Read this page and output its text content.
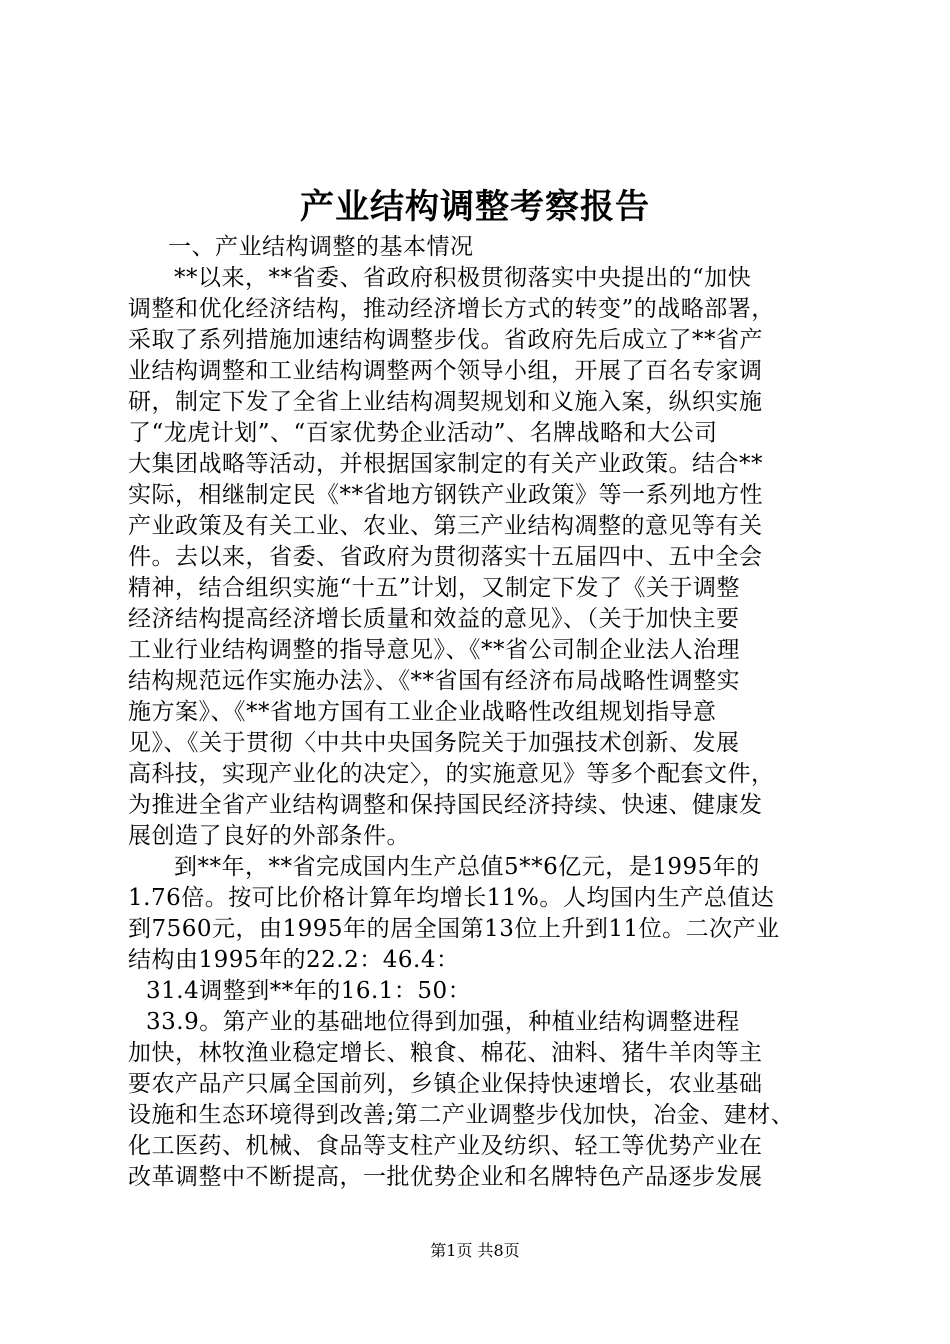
产业结构调整考察报告
一、产业结构调整的基本情况
**以来，**省委、省政府积极贯彻落实中央提出的“加快
调整和优化经济结构，推动经济增长方式的转变”的战略部署，
采取了系列措施加速结构调整步伐。省政府先后成立了**省产
业结构调整和工业结构调整两个领导小组，开展了百名专家调
研，制定下发了全省上业结构凋契规划和义施入案，纵织实施
了“龙虎计划”、“百家优势企业活动”、名牌战略和大公司
大集团战略等活动，并根据国家制定的有关产业政策。结合**
实际，相继制定民《**省地方钢铁产业政策》等一系列地方性
产业政策及有关工业、农业、第三产业结构凋整的意见等有关
件。去以来，省委、省政府为贯彻落实十五届四中、五中全会
精神，结合组织实施“十五”计划，又制定下发了《关于调整
经济结构提高经济增长质量和效益的意见》、（关于加快主要
工业行业结构调整的指导意见》、《**省公司制企业法人治理
结构规范远作实施办法》、《**省国有经济布局战略性调整实
施方案》、《**省地方国有工业企业战略性改组规划指导意
见》、《关于贯彻〈中共中央国务院关于加强技术创新、发展
高科技，实现产业化的决定〉，的实施意见》等多个配套文件，
为推进全省产业结构调整和保持国民经济持续、快速、健康发
展创造了良好的外部条件。
到**年，**省完成国内生产总值5**6亿元，是1995年的
1.76倍。按可比价格计算年均增长11%。人均国内生产总值达
到7560元，由1995年的居全国第13位上升到11位。二次产业
结构由1995年的22.2：46.4：
31.4调整到**年的16.1：50：
33.9。第产业的基础地位得到加强，种植业结构调整进程
加快，林牧渔业稳定增长、粮食、棉花、油料、猪牛羊肉等主
要农产品产只属全国前列，乡镇企业保持快速增长，农业基础
设施和生态环境得到改善;第二产业调整步伐加快，冶金、建材、
化工医药、机械、食品等支柱产业及纺织、轻工等优势产业在
改革调整中不断提高，一批优势企业和名牌特色产品逐步发展
第1页 共8页
